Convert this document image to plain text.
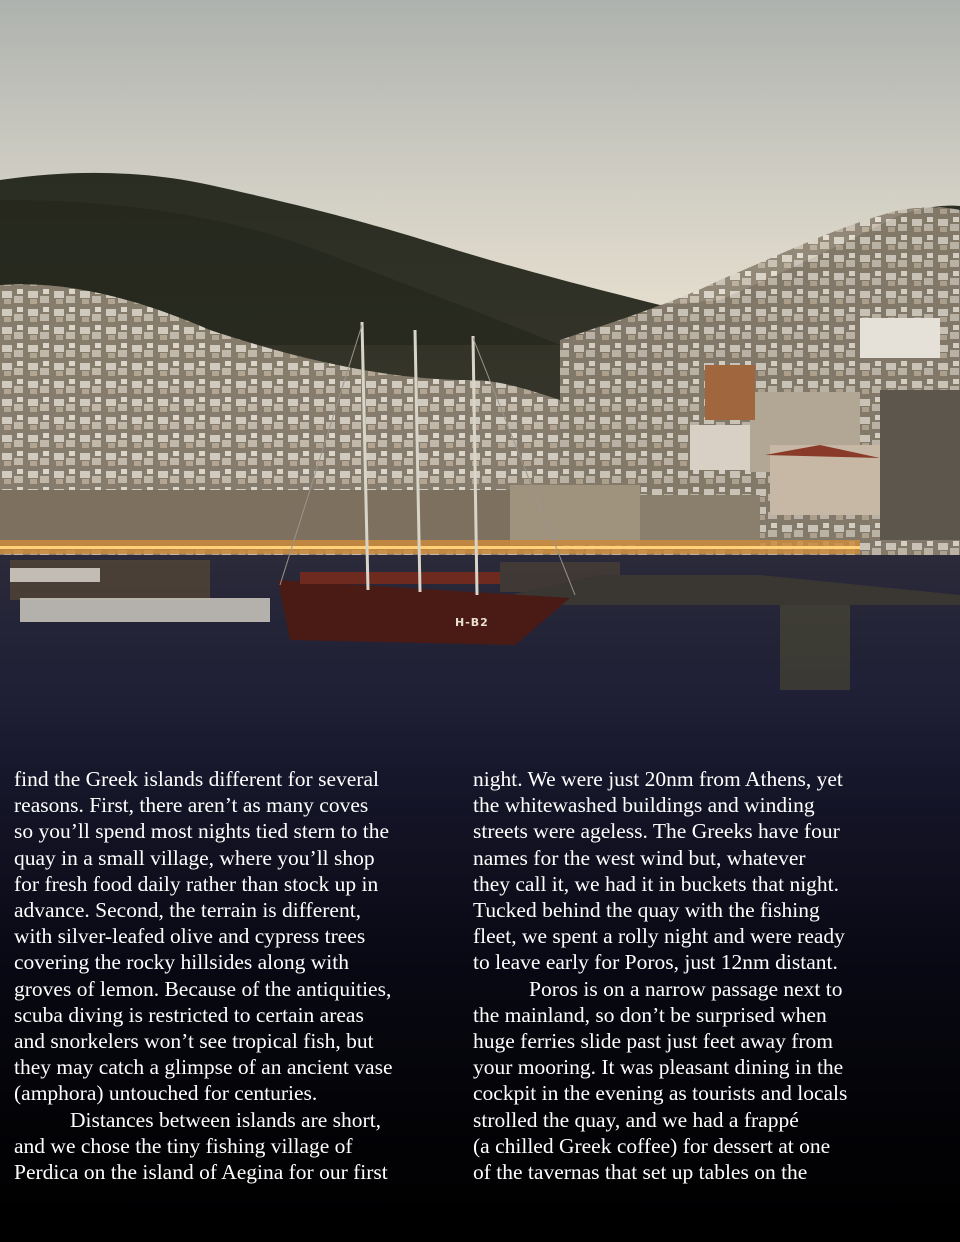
H-B2
find the Greek islands different for several
reasons. First, there aren’t as many coves
so you’ll spend most nights tied stern to the
quay in a small village, where you’ll shop
for fresh food daily rather than stock up in
advance. Second, the terrain is different,
with silver-leafed olive and cypress trees
covering the rocky hillsides along with
groves of lemon. Because of the antiquities,
scuba diving is restricted to certain areas
and snorkelers won’t see tropical fish, but
they may catch a glimpse of an ancient vase
(amphora) untouched for centuries.
Distances between islands are short,
and we chose the tiny fishing village of
Perdica on the island of Aegina for our first
night. We were just 20nm from Athens, yet
the whitewashed buildings and winding
streets were ageless. The Greeks have four
names for the west wind but, whatever
they call it, we had it in buckets that night.
Tucked behind the quay with the fishing
fleet, we spent a rolly night and were ready
to leave early for Poros, just 12nm distant.
Poros is on a narrow passage next to
the mainland, so don’t be surprised when
huge ferries slide past just feet away from
your mooring. It was pleasant dining in the
cockpit in the evening as tourists and locals
strolled the quay, and we had a frappé
(a chilled Greek coffee) for dessert at one
of the tavernas that set up tables on the
